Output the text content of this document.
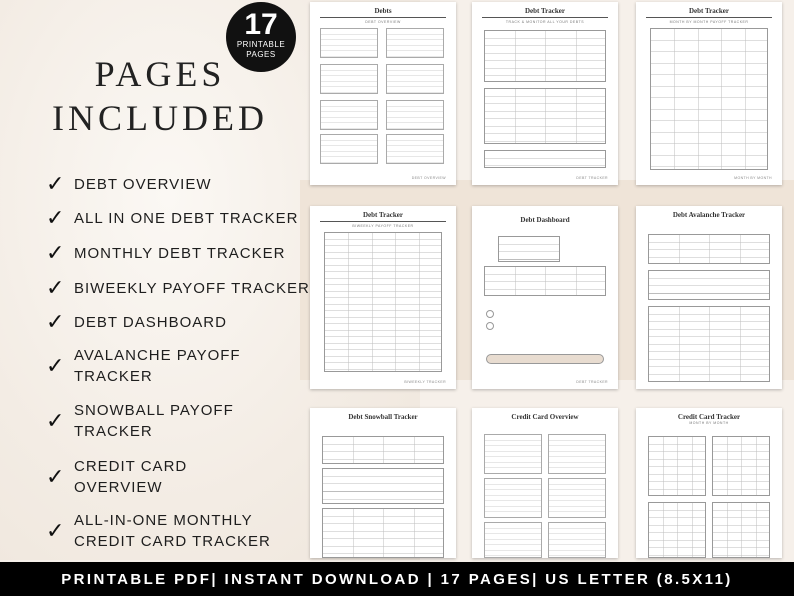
17
PRINTABLE
PAGES
PAGES
INCLUDED
✓ DEBT OVERVIEW
✓ ALL IN ONE DEBT TRACKER
✓ MONTHLY DEBT TRACKER
✓ BIWEEKLY PAYOFF TRACKER
✓ DEBT DASHBOARD
✓ AVALANCHE PAYOFF
TRACKER
✓ SNOWBALL PAYOFF
TRACKER
✓ CREDIT CARD
OVERVIEW
✓ ALL-IN-ONE MONTHLY
CREDIT CARD TRACKER
Debts
DEBT OVERVIEW
DEBT OVERVIEW
Debt Tracker
TRACK & MONITOR ALL YOUR DEBTS
DEBT TRACKER
Debt Tracker
MONTH BY MONTH PAYOFF TRACKER
MONTH BY MONTH
Debt Tracker
BIWEEKLY PAYOFF TRACKER
BIWEEKLY TRACKER
Debt Dashboard
DEBT TRACKER
Debt Avalanche Tracker
Debt Snowball Tracker	Credit Card Overview	Credit Card Tracker
MONTH BY MONTH
PRINTABLE PDF| INSTANT DOWNLOAD | 17 PAGES| US LETTER (8.5X11)
